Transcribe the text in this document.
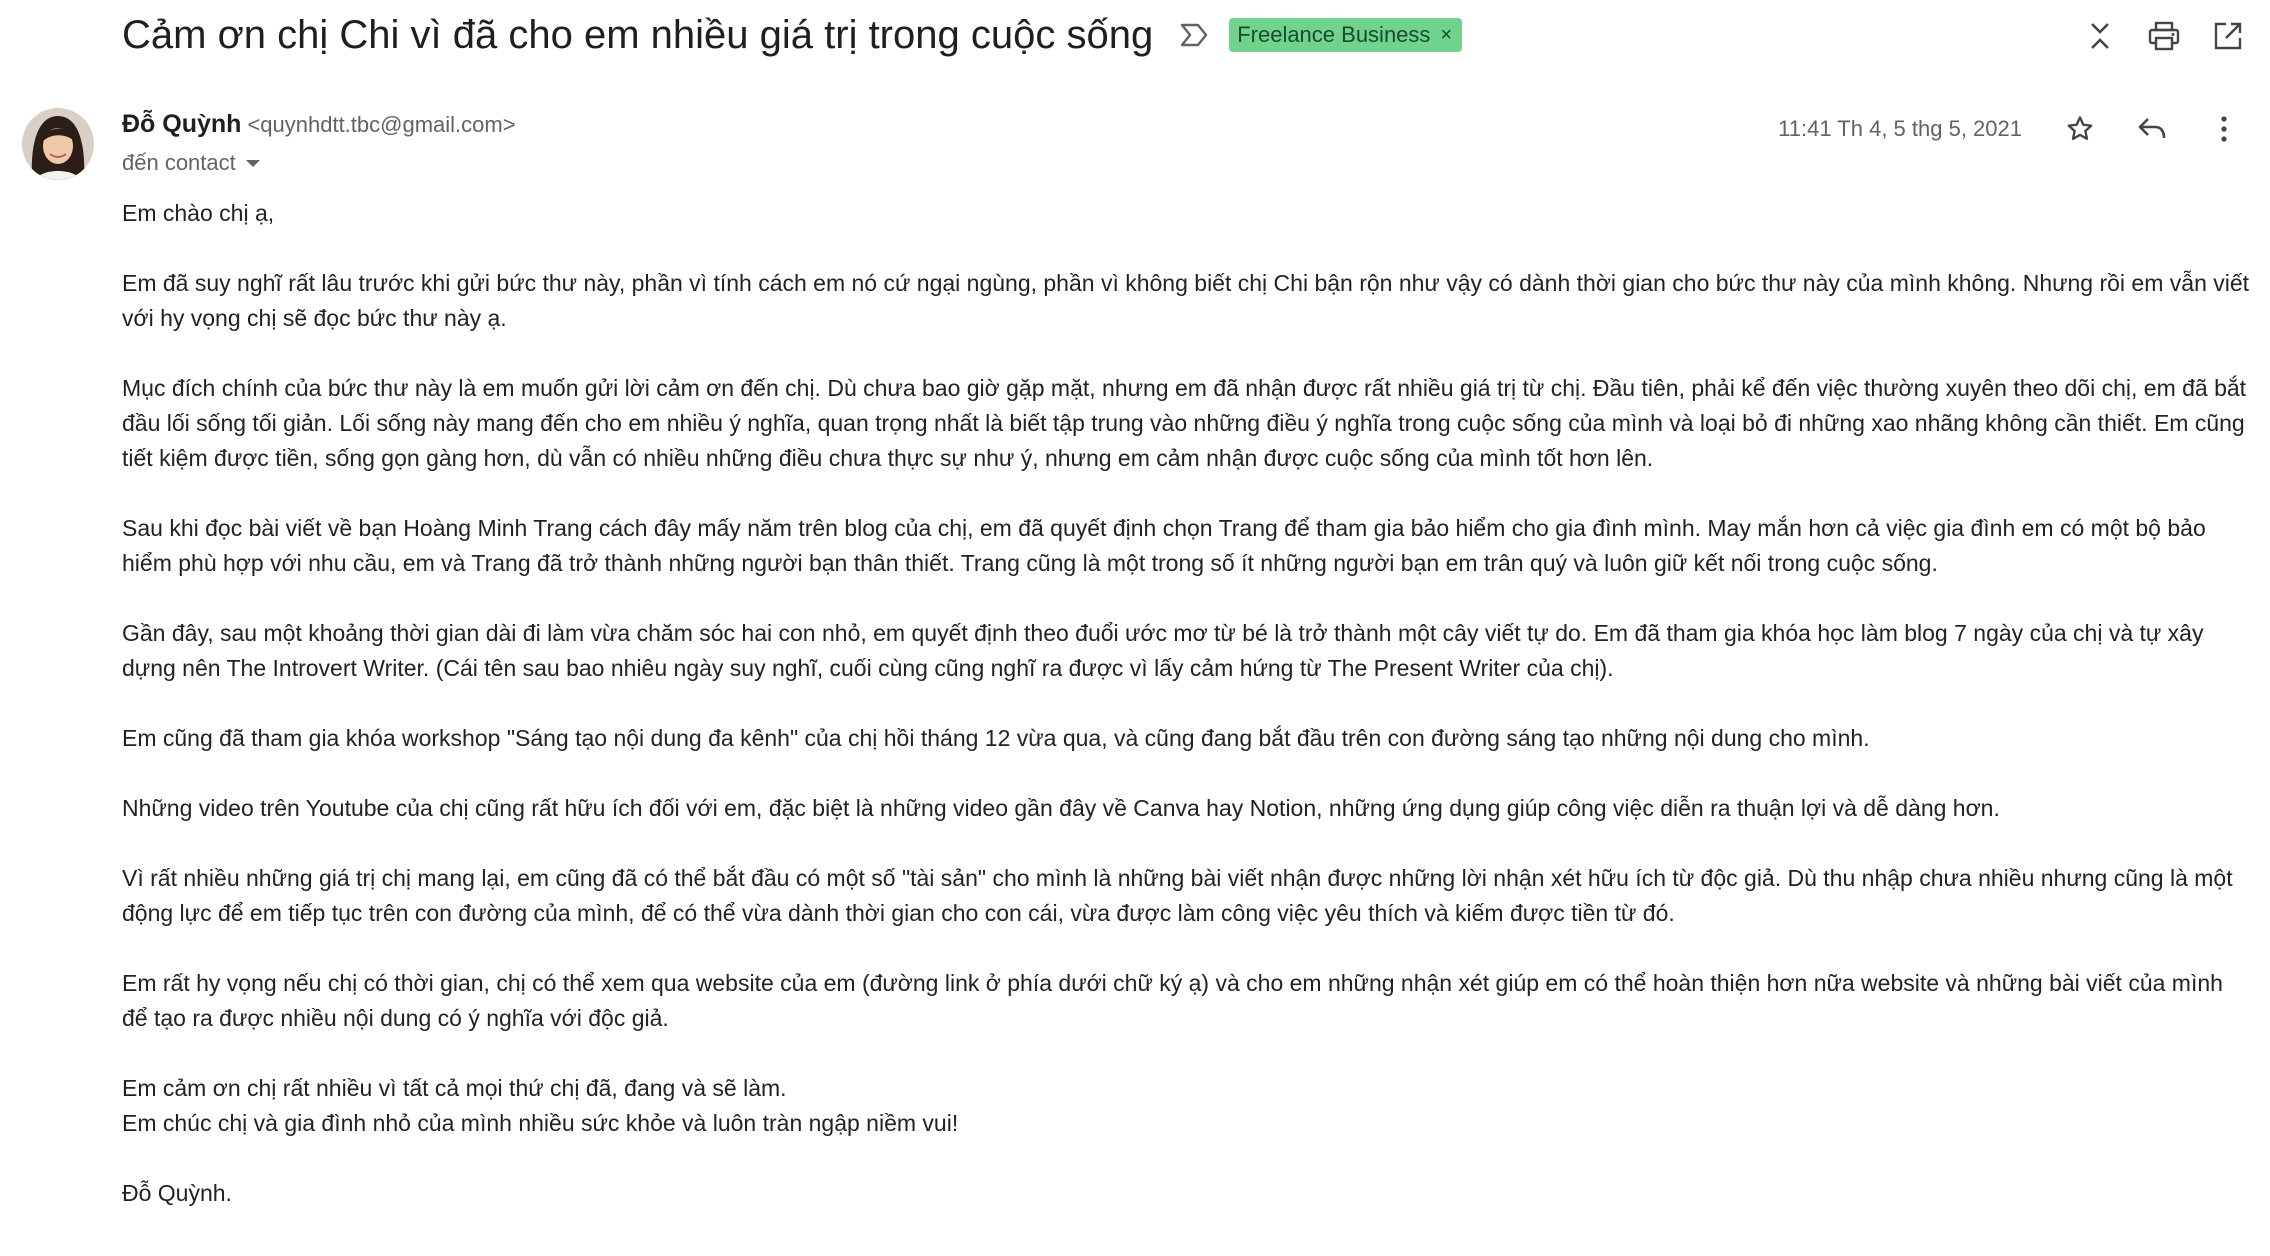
Cảm ơn chị Chi vì đã cho em nhiều giá trị trong cuộc sống	Freelance Business ×
Đỗ Quỳnh <quynhdtt.tbc@gmail.com>
đến contact
11:41 Th 4, 5 thg 5, 2021

Em chào chị ạ,

Em đã suy nghĩ rất lâu trước khi gửi bức thư này, phần vì tính cách em nó cứ ngại ngùng, phần vì không biết chị Chi bận rộn như vậy có dành thời gian cho bức thư này của mình không. Nhưng rồi em vẫn viết với hy vọng chị sẽ đọc bức thư này ạ.

Mục đích chính của bức thư này là em muốn gửi lời cảm ơn đến chị. Dù chưa bao giờ gặp mặt, nhưng em đã nhận được rất nhiều giá trị từ chị. Đầu tiên, phải kể đến việc thường xuyên theo dõi chị, em đã bắt đầu lối sống tối giản. Lối sống này mang đến cho em nhiều ý nghĩa, quan trọng nhất là biết tập trung vào những điều ý nghĩa trong cuộc sống của mình và loại bỏ đi những xao nhãng không cần thiết. Em cũng tiết kiệm được tiền, sống gọn gàng hơn, dù vẫn có nhiều những điều chưa thực sự như ý, nhưng em cảm nhận được cuộc sống của mình tốt hơn lên.

Sau khi đọc bài viết về bạn Hoàng Minh Trang cách đây mấy năm trên blog của chị, em đã quyết định chọn Trang để tham gia bảo hiểm cho gia đình mình. May mắn hơn cả việc gia đình em có một bộ bảo hiểm phù hợp với nhu cầu, em và Trang đã trở thành những người bạn thân thiết. Trang cũng là một trong số ít những người bạn em trân quý và luôn giữ kết nối trong cuộc sống.

Gần đây, sau một khoảng thời gian dài đi làm vừa chăm sóc hai con nhỏ, em quyết định theo đuổi ước mơ từ bé là trở thành một cây viết tự do. Em đã tham gia khóa học làm blog 7 ngày của chị và tự xây dựng nên The Introvert Writer. (Cái tên sau bao nhiêu ngày suy nghĩ, cuối cùng cũng nghĩ ra được vì lấy cảm hứng từ The Present Writer của chị).

Em cũng đã tham gia khóa workshop "Sáng tạo nội dung đa kênh" của chị hồi tháng 12 vừa qua, và cũng đang bắt đầu trên con đường sáng tạo những nội dung cho mình.

Những video trên Youtube của chị cũng rất hữu ích đối với em, đặc biệt là những video gần đây về Canva hay Notion, những ứng dụng giúp công việc diễn ra thuận lợi và dễ dàng hơn.

Vì rất nhiều những giá trị chị mang lại, em cũng đã có thể bắt đầu có một số "tài sản" cho mình là những bài viết nhận được những lời nhận xét hữu ích từ độc giả. Dù thu nhập chưa nhiều nhưng cũng là một động lực để em tiếp tục trên con đường của mình, để có thể vừa dành thời gian cho con cái, vừa được làm công việc yêu thích và kiếm được tiền từ đó.

Em rất hy vọng nếu chị có thời gian, chị có thể xem qua website của em (đường link ở phía dưới chữ ký ạ) và cho em những nhận xét giúp em có thể hoàn thiện hơn nữa website và những bài viết của mình để tạo ra được nhiều nội dung có ý nghĩa với độc giả.

Em cảm ơn chị rất nhiều vì tất cả mọi thứ chị đã, đang và sẽ làm.

Em chúc chị và gia đình nhỏ của mình nhiều sức khỏe và luôn tràn ngập niềm vui!

Đỗ Quỳnh.
